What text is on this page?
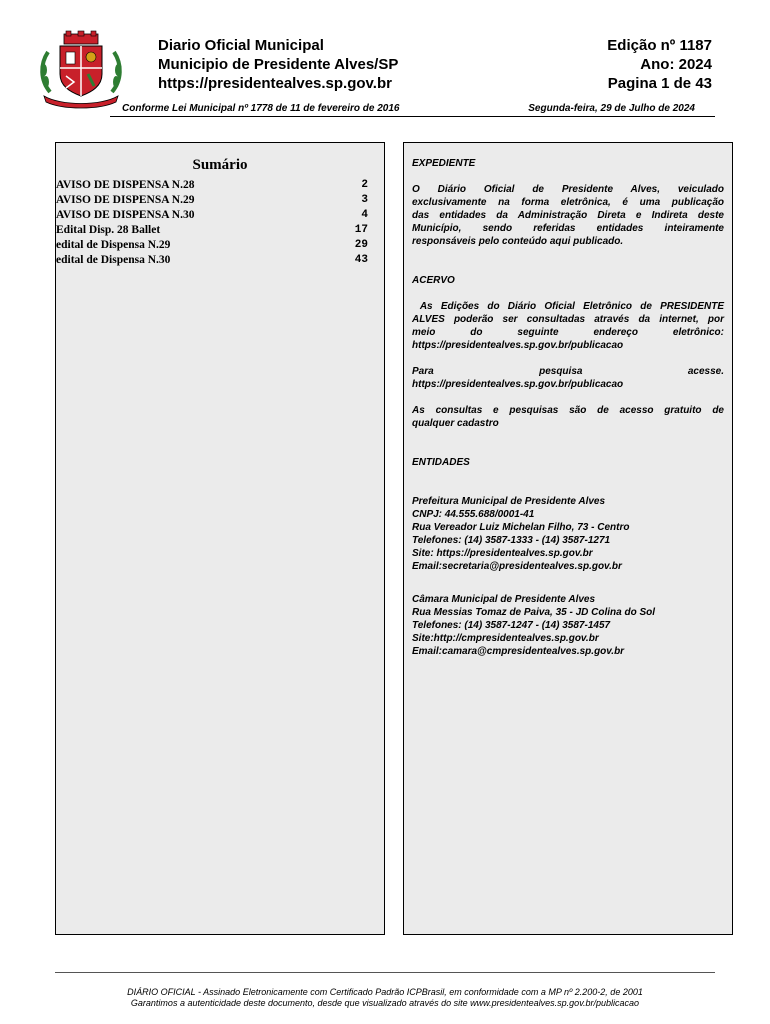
Diario Oficial Municipal
Municipio de Presidente Alves/SP
https://presidentealves.sp.gov.br
Edição nº 1187
Ano: 2024
Pagina 1 de 43
Conforme Lei Municipal nº 1778 de 11 de fevereiro de 2016	Segunda-feira, 29 de Julho de 2024
Sumário
AVISO DE DISPENSA N.28	2
AVISO DE DISPENSA N.29	3
AVISO DE DISPENSA N.30	4
Edital Disp. 28 Ballet	17
edital de Dispensa N.29	29
edital de Dispensa N.30	43

EXPEDIENTE

O Diário Oficial de Presidente Alves, veiculado

exclusivamente na forma eletrônica, é uma publicação

das entidades da Administração Direta e Indireta deste

Município, sendo referidas entidades inteiramente

responsáveis pelo conteúdo aqui publicado.

ACERVO

As Edições do Diário Oficial Eletrônico de PRESIDENTE

ALVES poderão ser consultadas através da internet, por

meio do seguinte endereço eletrônico:

https://presidentealves.sp.gov.br/publicacao

Para pesquisa acesse.

https://presidentealves.sp.gov.br/publicacao

As consultas e pesquisas são de acesso gratuito de

qualquer cadastro

ENTIDADES

Prefeitura Municipal de Presidente Alves

CNPJ: 44.555.688/0001-41

Rua Vereador Luiz Michelan Filho, 73 - Centro

Telefones: (14) 3587-1333 - (14) 3587-1271

Site: https://presidentealves.sp.gov.br

Email:secretaria@presidentealves.sp.gov.br

Câmara Municipal de Presidente Alves

Rua Messias Tomaz de Paiva, 35 - JD Colina do Sol

Telefones: (14) 3587-1247 - (14) 3587-1457

Site:http://cmpresidentealves.sp.gov.br

Email:camara@cmpresidentealves.sp.gov.br

DIÁRIO OFICIAL - Assinado Eletronicamente com Certificado Padrão ICPBrasil, em conformidade com a MP nº 2.200-2, de 2001
Garantimos a autenticidade deste documento, desde que visualizado através do site www.presidentealves.sp.gov.br/publicacao
